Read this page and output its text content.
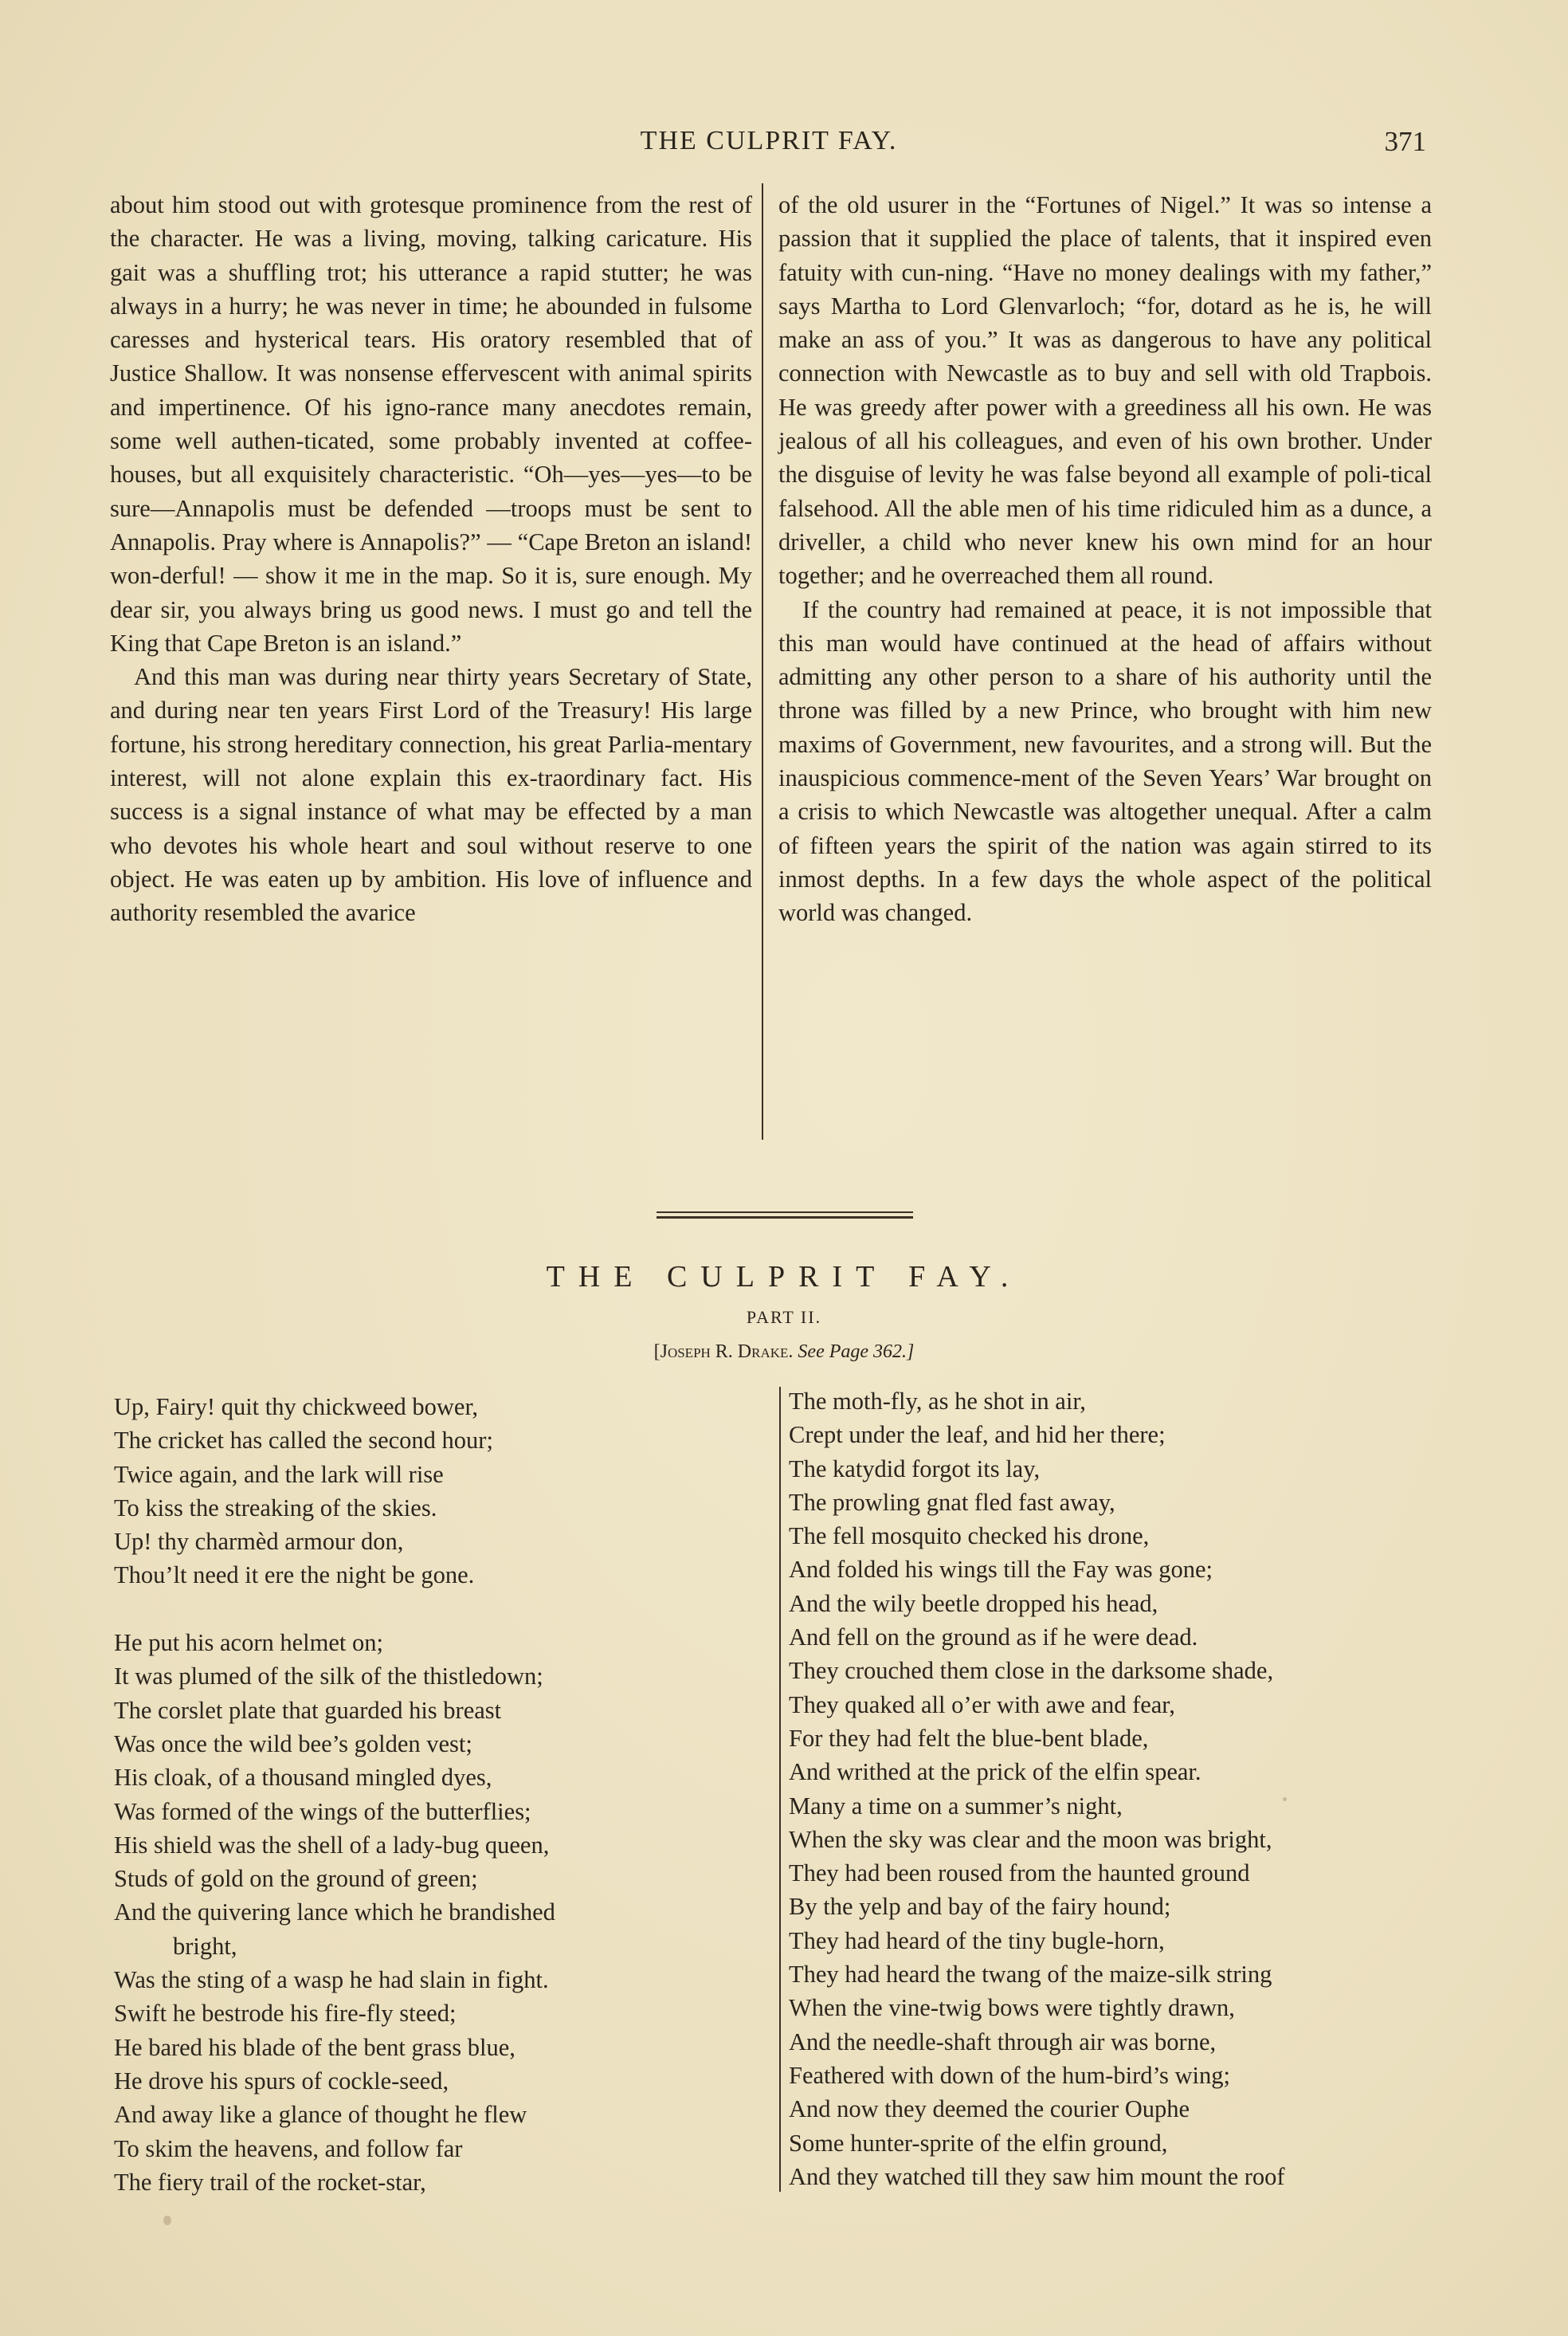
THE CULPRIT FAY.	371

about him stood out with grotesque prominence from the rest of the character. He was a living, moving, talking caricature. His gait was a shuffling trot; his utterance a rapid stutter; he was always in a hurry; he was never in time; he abounded in fulsome caresses and hysterical tears. His oratory resembled that of Justice Shallow. It was nonsense effervescent with animal spirits and impertinence. Of his igno-rance many anecdotes remain, some well authen-ticated, some probably invented at coffee-houses, but all exquisitely characteristic. “Oh—yes—yes—to be sure—Annapolis must be defended —troops must be sent to Annapolis. Pray where is Annapolis?” — “Cape Breton an island! won-derful! — show it me in the map. So it is, sure enough. My dear sir, you always bring us good news. I must go and tell the King that Cape Breton is an island.”

And this man was during near thirty years Secretary of State, and during near ten years First Lord of the Treasury! His large fortune, his strong hereditary connection, his great Parlia-mentary interest, will not alone explain this ex-traordinary fact. His success is a signal instance of what may be effected by a man who devotes his whole heart and soul without reserve to one object. He was eaten up by ambition. His love of influence and authority resembled the avarice

of the old usurer in the “Fortunes of Nigel.” It was so intense a passion that it supplied the place of talents, that it inspired even fatuity with cun-ning. “Have no money dealings with my father,” says Martha to Lord Glenvarloch; “for, dotard as he is, he will make an ass of you.” It was as dangerous to have any political connection with Newcastle as to buy and sell with old Trapbois. He was greedy after power with a greediness all his own. He was jealous of all his colleagues, and even of his own brother. Under the disguise of levity he was false beyond all example of poli-tical falsehood. All the able men of his time ridiculed him as a dunce, a driveller, a child who never knew his own mind for an hour together; and he overreached them all round.

If the country had remained at peace, it is not impossible that this man would have continued at the head of affairs without admitting any other person to a share of his authority until the throne was filled by a new Prince, who brought with him new maxims of Government, new favourites, and a strong will. But the inauspicious commence-ment of the Seven Years’ War brought on a crisis to which Newcastle was altogether unequal. After a calm of fifteen years the spirit of the nation was again stirred to its inmost depths. In a few days the whole aspect of the political world was changed.

THE CULPRIT FAY.
PART II.
[Joseph R. Drake. See Page 362.]
Up, Fairy! quit thy chickweed bower,
The cricket has called the second hour;
Twice again, and the lark will rise
To kiss the streaking of the skies.
Up! thy charmèd armour don,
Thou’lt need it ere the night be gone.
He put his acorn helmet on;
It was plumed of the silk of the thistledown;
The corslet plate that guarded his breast
Was once the wild bee’s golden vest;
His cloak, of a thousand mingled dyes,
Was formed of the wings of the butterflies;
His shield was the shell of a lady-bug queen,
Studs of gold on the ground of green;
And the quivering lance which he brandished
bright,
Was the sting of a wasp he had slain in fight.
Swift he bestrode his fire-fly steed;
He bared his blade of the bent grass blue,
He drove his spurs of cockle-seed,
And away like a glance of thought he flew
To skim the heavens, and follow far
The fiery trail of the rocket-star,
The moth-fly, as he shot in air,
Crept under the leaf, and hid her there;
The katydid forgot its lay,
The prowling gnat fled fast away,
The fell mosquito checked his drone,
And folded his wings till the Fay was gone;
And the wily beetle dropped his head,
And fell on the ground as if he were dead.
They crouched them close in the darksome shade,
They quaked all o’er with awe and fear,
For they had felt the blue-bent blade,
And writhed at the prick of the elfin spear.
Many a time on a summer’s night,
When the sky was clear and the moon was bright,
They had been roused from the haunted ground
By the yelp and bay of the fairy hound;
They had heard of the tiny bugle-horn,
They had heard the twang of the maize-silk string
When the vine-twig bows were tightly drawn,
And the needle-shaft through air was borne,
Feathered with down of the hum-bird’s wing;
And now they deemed the courier Ouphe
Some hunter-sprite of the elfin ground,
And they watched till they saw him mount the roof
